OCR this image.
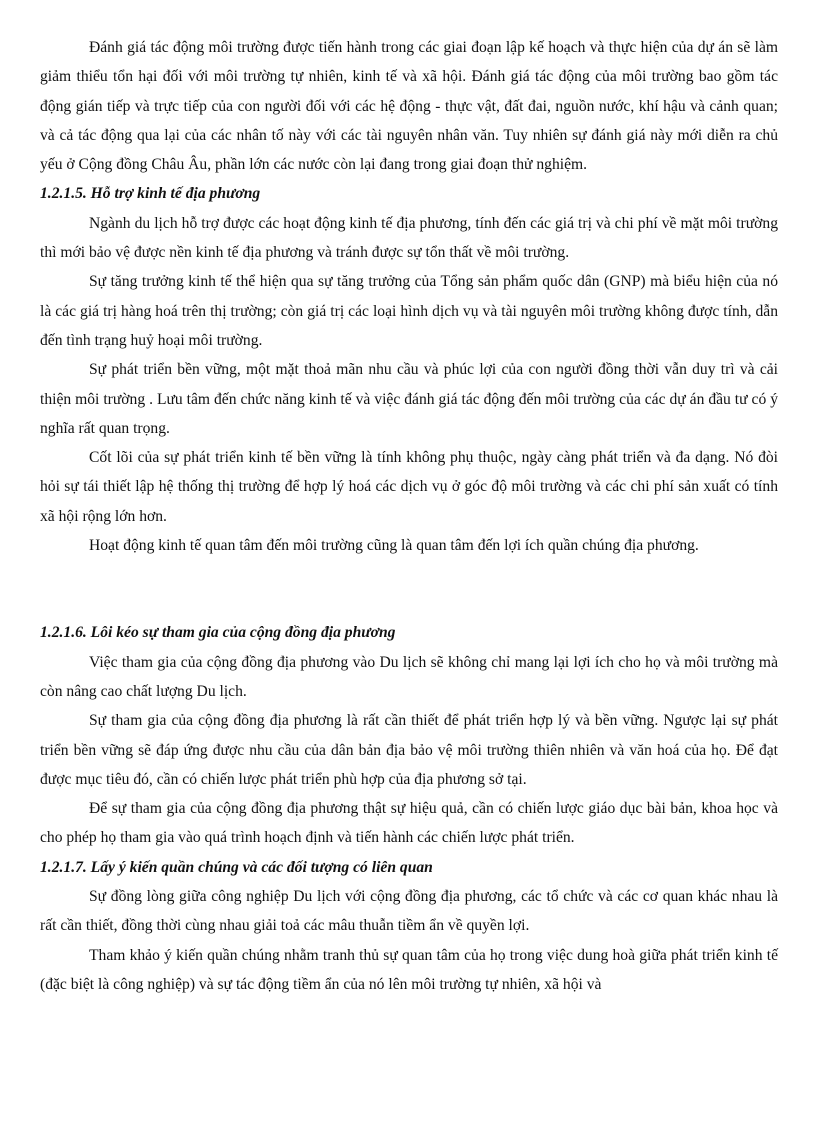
Đánh giá tác động môi trường được tiến hành trong các giai đoạn lập kế hoạch và thực hiện của dự án sẽ làm giảm thiểu tổn hại đối với môi trường tự nhiên, kinh tế và xã hội. Đánh giá tác động của môi trường bao gồm tác động gián tiếp và trực tiếp của con người đối với các hệ động - thực vật, đất đai, nguồn nước, khí hậu và cảnh quan; và cả tác động qua lại của các nhân tố này với các tài nguyên nhân văn. Tuy nhiên sự đánh giá này mới diễn ra chủ yếu ở Cộng đồng Châu Âu, phần lớn các nước còn lại đang trong giai đoạn thử nghiệm.

1.2.1.5. Hỗ trợ kinh tế địa phương

Ngành du lịch hỗ trợ được các hoạt động kinh tế địa phương, tính đến các giá trị và chi phí về mặt môi trường thì mới bảo vệ được nền kinh tế địa phương và tránh được sự tổn thất về môi trường.

Sự tăng trưởng kinh tế thể hiện qua sự tăng trưởng của Tổng sản phẩm quốc dân (GNP) mà biểu hiện của nó là các giá trị hàng hoá trên thị trường; còn giá trị các loại hình dịch vụ và tài nguyên môi trường không được tính, dẫn đến tình trạng huỷ hoại môi trường.

Sự phát triển bền vững, một mặt thoả mãn nhu cầu và phúc lợi của con người đồng thời vẫn duy trì và cải thiện môi trường . Lưu tâm đến chức năng kinh tế và việc đánh giá tác động đến môi trường của các dự án đầu tư có ý nghĩa rất quan trọng.

Cốt lõi của sự phát triển kinh tế bền vững là tính không phụ thuộc, ngày càng phát triển và đa dạng. Nó đòi hỏi sự tái thiết lập hệ thống thị trường để hợp lý hoá các dịch vụ ở góc độ môi trường và các chi phí sản xuất có tính xã hội rộng lớn hơn.

Hoạt động kinh tế quan tâm đến môi trường cũng là quan tâm đến lợi ích quần chúng địa phương.

1.2.1.6. Lôi kéo sự tham gia của cộng đồng địa phương

Việc tham gia của cộng đồng địa phương vào Du lịch sẽ không chỉ mang lại lợi ích cho họ và môi trường mà còn nâng cao chất lượng Du lịch.

Sự tham gia của cộng đồng địa phương là rất cần thiết để phát triển hợp lý và bền vững. Ngược lại sự phát triển bền vững sẽ đáp ứng được nhu cầu của dân bản địa bảo vệ môi trường thiên nhiên và văn hoá của họ. Để đạt được mục tiêu đó, cần có chiến lược phát triển phù hợp của địa phương sở tại.

Để sự tham gia của cộng đồng địa phương thật sự hiệu quả, cần có chiến lược giáo dục bài bản, khoa học và cho phép họ tham gia vào quá trình hoạch định và tiến hành các chiến lược phát triển.

1.2.1.7. Lấy ý kiến quần chúng và các đối tượng có liên quan

Sự đồng lòng giữa công nghiệp Du lịch với cộng đồng địa phương, các tổ chức và các cơ quan khác nhau là rất cần thiết, đồng thời cùng nhau giải toả các mâu thuẫn tiềm ẩn về quyền lợi.

Tham khảo ý kiến quần chúng nhằm tranh thủ sự quan tâm của họ trong việc dung hoà giữa phát triển kinh tế (đặc biệt là công nghiệp) và sự tác động tiềm ẩn của nó lên môi trường tự nhiên, xã hội và
